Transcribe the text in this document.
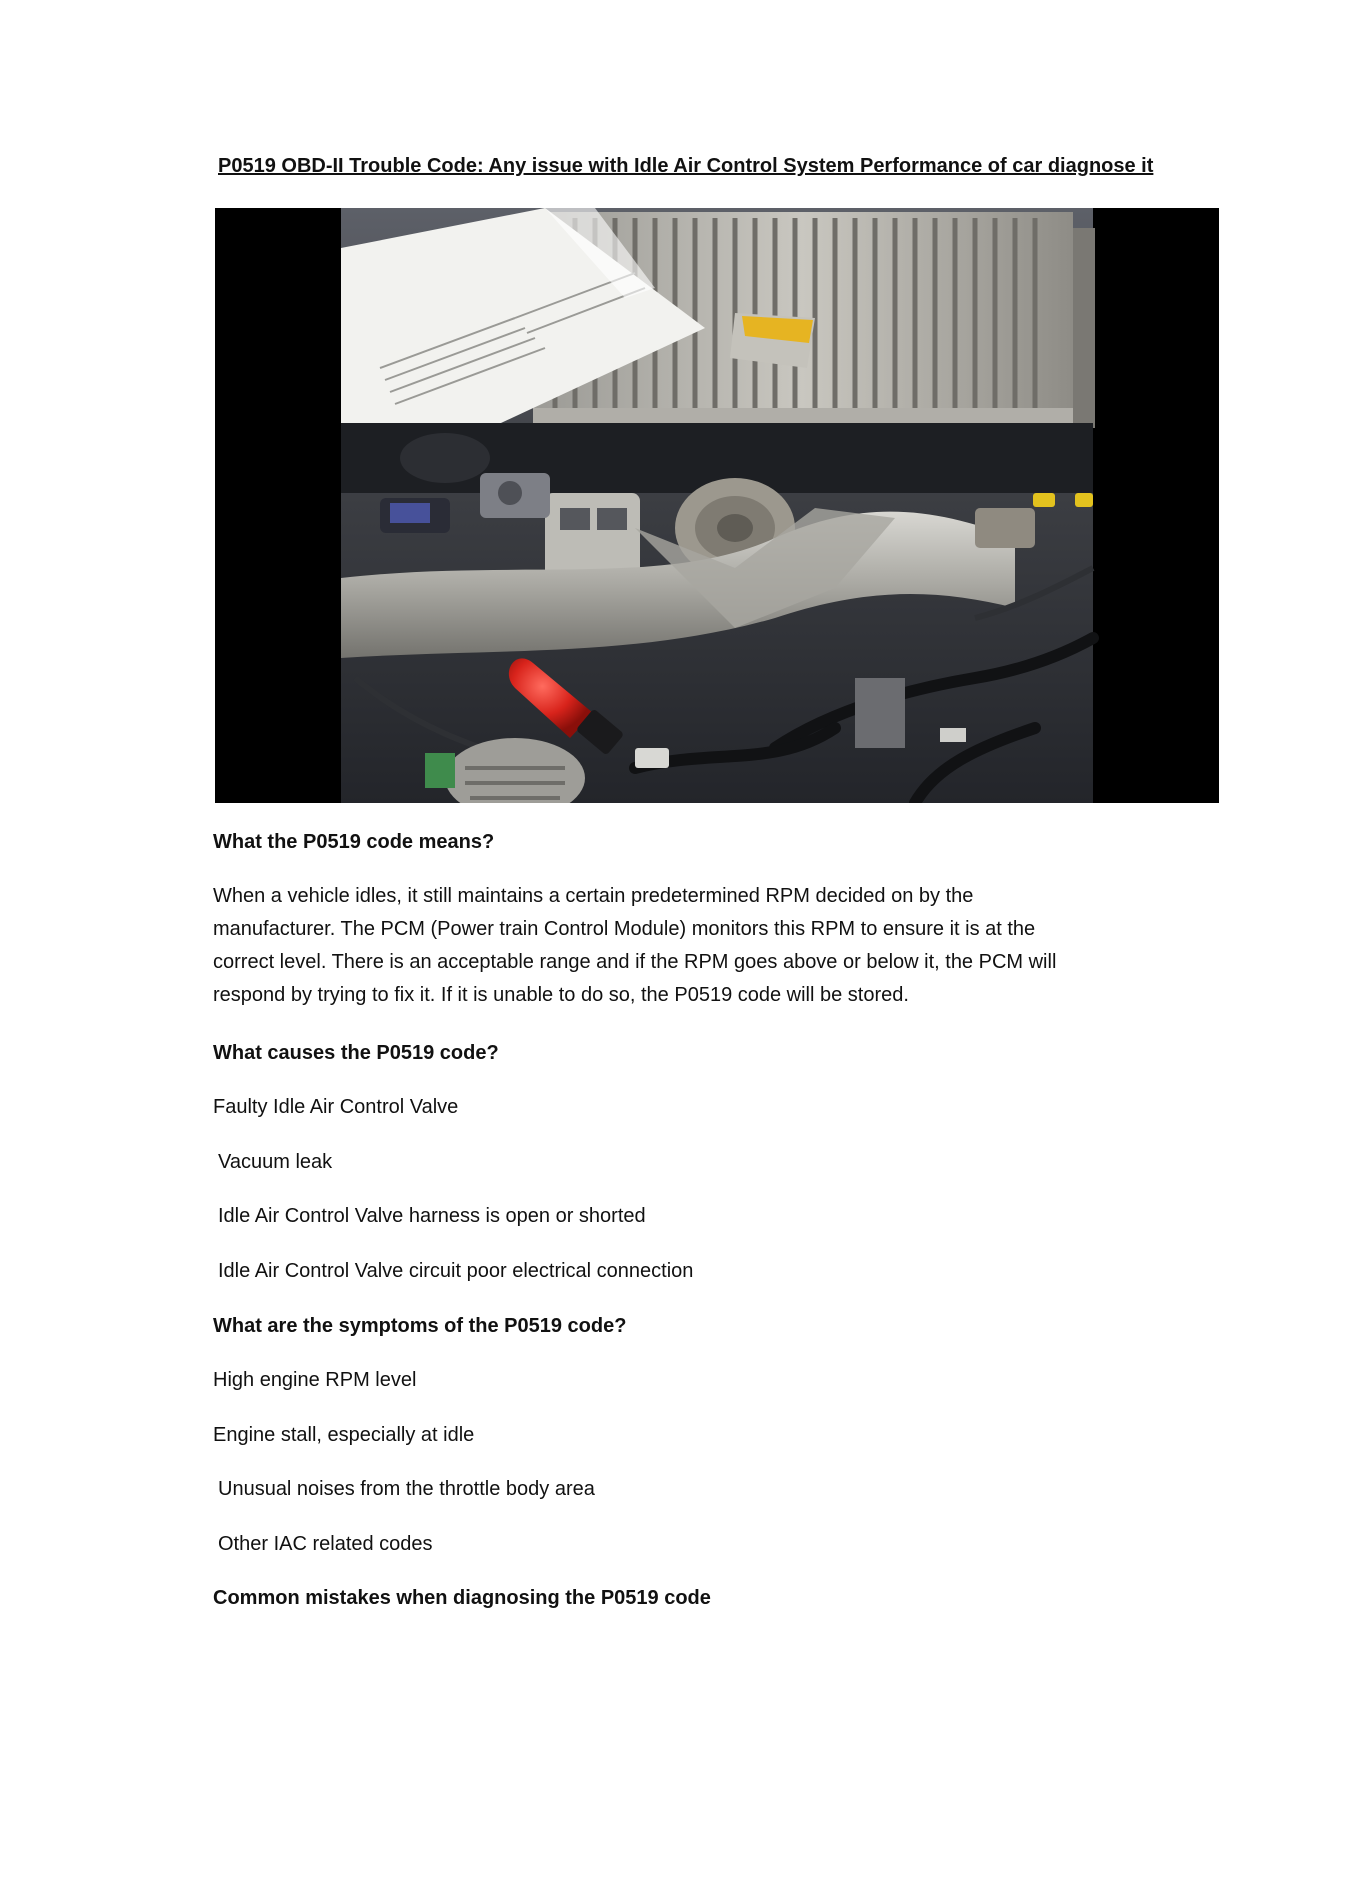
P0519 OBD-II Trouble Code: Any issue with Idle Air Control System Performance of car diagnose it
What the P0519 code means?
When a vehicle idles, it still maintains a certain predetermined RPM decided on by the
manufacturer. The PCM (Power train Control Module) monitors this RPM to ensure it is at the
correct level. There is an acceptable range and if the RPM goes above or below it, the PCM will
respond by trying to fix it. If it is unable to do so, the P0519 code will be stored.
What causes the P0519 code?
Faulty Idle Air Control Valve
Vacuum leak
Idle Air Control Valve harness is open or shorted
Idle Air Control Valve circuit poor electrical connection
What are the symptoms of the P0519 code?
High engine RPM level
Engine stall, especially at idle
Unusual noises from the throttle body area
Other IAC related codes
Common mistakes when diagnosing the P0519 code
